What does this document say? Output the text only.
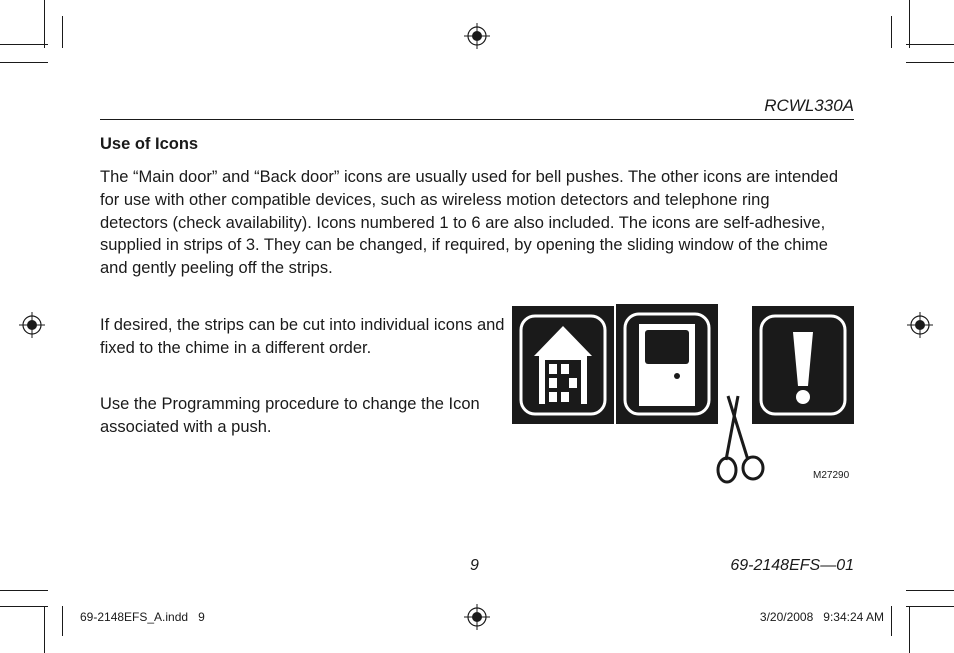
RCWL330A
Use of Icons
The “Main door” and “Back door” icons are usually used for bell pushes. The other icons are intended for use with other compatible devices, such as wireless motion detectors and telephone ring detectors (check availability). Icons numbered 1 to 6 are also included. The icons are self-adhesive, supplied in strips of 3. They can be changed, if required, by opening the sliding window of the chime and gently peeling off the strips.
If desired, the strips can be cut into individual icons and fixed to the chime in a different order.
Use the Programming procedure to change the Icon associated with a push.
M27290
9	69-2148EFS—01
69-2148EFS_A.indd   9	3/20/2008   9:34:24 AM
